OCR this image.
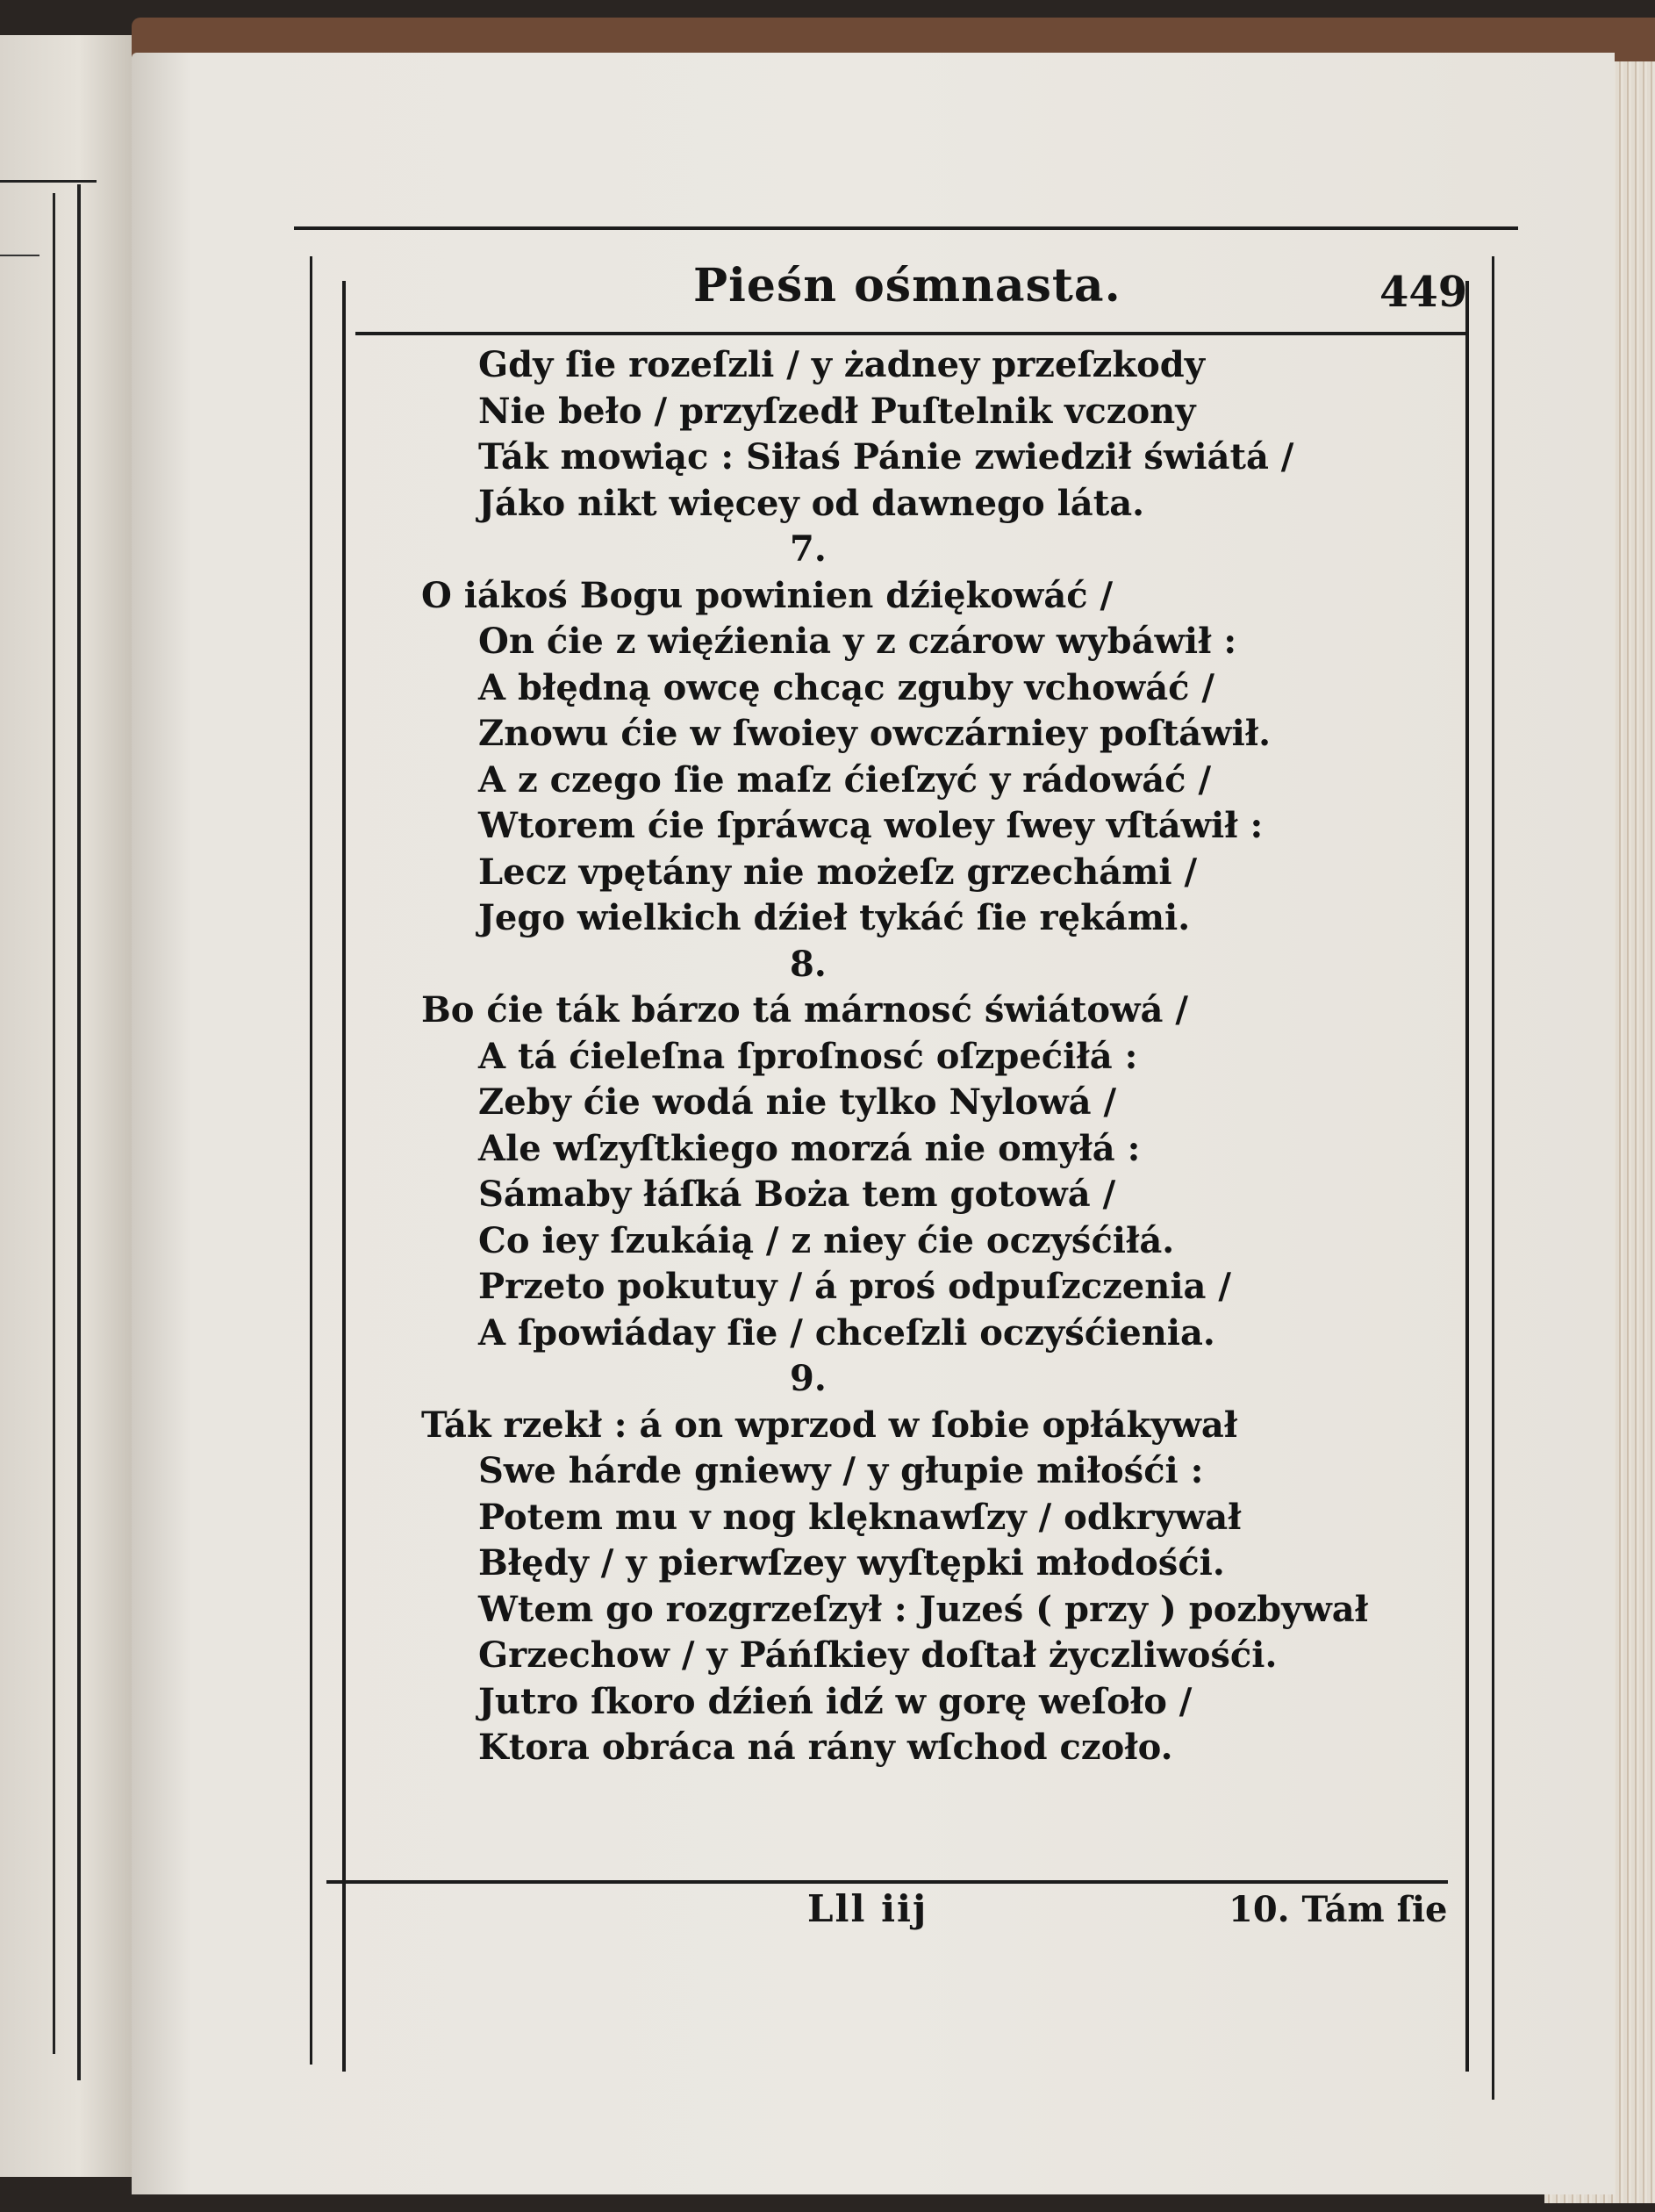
Pieśn ośmnasta.	449
Gdy ſie rozeſzli / y żadney przeſzkody
Nie beło / przyſzedł Puſtelnik vczony
Ták mowiąc : Siłaś Pánie zwiedził świátá /
Jáko nikt więcey od dawnego láta.
7.
O iákoś Bogu powinien dźiękowáć /
On ćie z więźienia y z czárow wybáwił :
A błędną owcę chcąc zguby vchowáć /
Znowu ćie w ſwoiey owczárniey poſtáwił.
A z czego ſie maſz ćieſzyć y rádowáć /
Wtorem ćie ſpráwcą woley ſwey vſtáwił :
Lecz vpętány nie możeſz grzechámi /
Jego wielkich dźieł tykáć ſie rękámi.
8.
Bo ćie ták bárzo tá márnosć świátowá /
A tá ćieleſna ſproſnosć oſzpećiłá :
Zeby ćie wodá nie tylko Nylowá /
Ale wſzyſtkiego morzá nie omyłá :
Sámaby łáſká Boża tem gotowá /
Co iey ſzukáią / z niey ćie oczyśćiłá.
Przeto pokutuy / á proś odpuſzczenia /
A ſpowiáday ſie / chceſzli oczyśćienia.
9.
Ták rzekł : á on wprzod w ſobie opłákywał
Swe hárde gniewy / y głupie miłośći :
Potem mu v nog klęknawſzy / odkrywał
Błędy / y pierwſzey wyſtępki młodośći.
Wtem go rozgrzeſzył : Juześ ( przy ) pozbywał
Grzechow / y Páńſkiey doſtał życzliwośći.
Jutro ſkoro dźień idź w gorę weſoło /
Ktora obráca ná rány wſchod czoło.
Lll iij	10. Tám ſie
